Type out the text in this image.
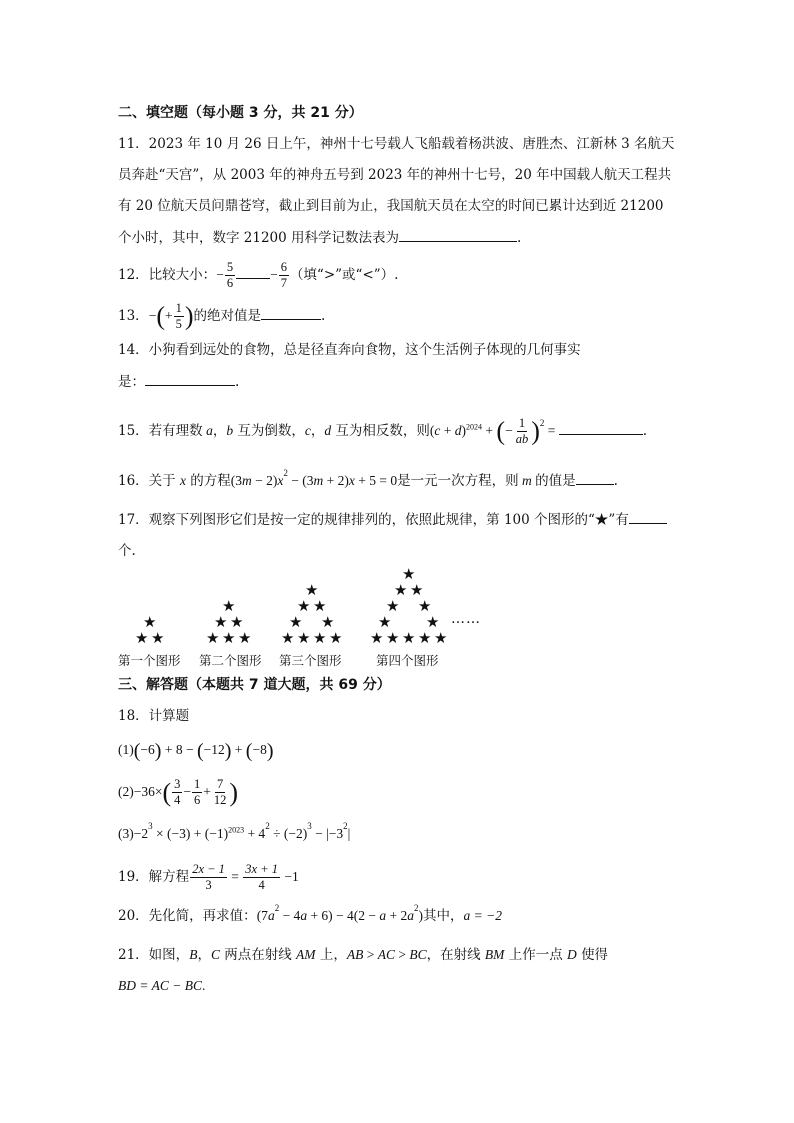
二、填空题（每小题 3 分，共 21 分）
11．2023 年 10 月 26 日上午，神州十七号载人飞船载着杨洪波、唐胜杰、江新林 3 名航天
员奔赴“天宫”，从 2003 年的神舟五号到 2023 年的神州十七号，20 年中国载人航天工程共
有 20 位航天员问鼎苍穹，截止到目前为止，我国航天员在太空的时间已累计达到近 21200
个小时，其中，数字 21200 用科学记数法表为	.
12．比较大小：− $\frac{5}{6}$	− $\frac{6}{7}$ （填“>”或“<”）.
13．−(+ $\frac{1}{5}$ )的绝对值是	.
14．小狗看到远处的食物，总是径直奔向食物，这个生活例子体现的几何事实
是：	.
15．若有理数 a，b 互为倒数，c，d 互为相反数，则$(c + d)^{2024}$ + (− $\frac{1}{ab} )^2$ =	.
16．关于 x 的方程$(3m - 2)x^2 - (3m + 2)x + 5 = 0$是一元一次方程，则 m 的值是	.
17．观察下列图形它们是按一定的规律排列的，依照此规律，第 100 个图形的“★”有
个.
★
★ ★
★
★ ★
★ ★ ★
★
★ ★
★ ★
★ ★ ★ ★
★
★ ★
★ ★
★ ★
★ ★ ★ ★ ★
……
第一个图形 第二个图形 第三个图形	第四个图形
三、解答题（本题共 7 道大题，共 69 分）
18．计算题
(1)(−6) + 8 − (−12) + (−8)
$(2)-36\times( \frac{3}{4} - \frac{1}{6} + \frac{7}{12}$ )
$(3)-2^3 \times (-3) + (-1)^{2023} + 4^2 \div (-2)^3 - |-3^2|$
19．解方程 $\frac{2x - 1}{3} = \frac{3x + 1}{4} -1$
20．先化简，再求值：$(7a^2 - 4a + 6) - 4(2 - a + 2a^2)$其中，a = −2
21．如图，B，C 两点在射线 AM 上，AB > AC > BC，在射线 BM 上作一点 D 使得
BD = AC − BC.
